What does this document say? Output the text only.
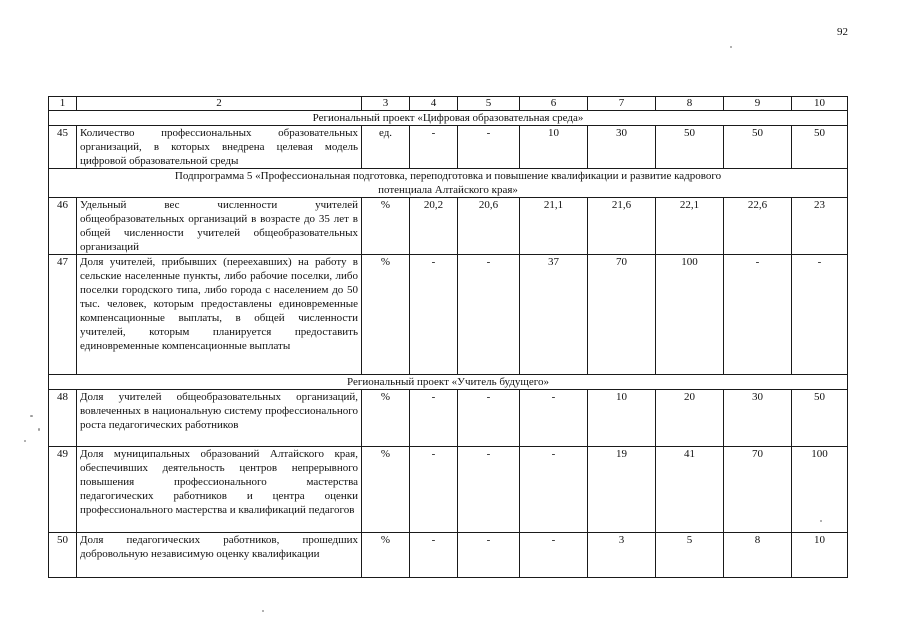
92
1	2	3	4	5	6	7	8	9	10
Региональный проект «Цифровая образовательная среда»									
45	Количество профессиональных образовательных организаций, в которых внедрена целевая модель цифровой образовательной среды	ед.	-	-	10	30	50	50	50
Подпрограмма 5 «Профессиональная подготовка, переподготовка и повышение квалификации и развитие кадрового потенциала Алтайского края»									
46	Удельный вес численности учителей общеобразовательных организаций в возрасте до 35 лет в общей численности учителей общеобразовательных организаций	%	20,2	20,6	21,1	21,6	22,1	22,6	23
47	Доля учителей, прибывших (переехавших) на работу в сельские населенные пункты, либо рабочие поселки, либо поселки городского типа, либо города с населением до 50 тыс. человек, которым предоставлены единовременные компенсационные выплаты, в общей численности учителей, которым планируется предоставить единовременные компенсационные выплаты	%	-	-	37	70	100	-	-
Региональный проект «Учитель будущего»									
48	Доля учителей общеобразовательных организаций, вовлеченных в национальную систему профессионального роста педагогических работников	%	-	-	-	10	20	30	50
49	Доля муниципальных образований Алтайского края, обеспечивших деятельность центров непрерывного повышения профессионального мастерства педагогических работников и центра оценки профессионального мастерства и квалификаций педагогов	%	-	-	-	19	41	70	100
50	Доля педагогических работников, прошедших добровольную независимую оценку квалификации	%	-	-	-	3	5	8	10
